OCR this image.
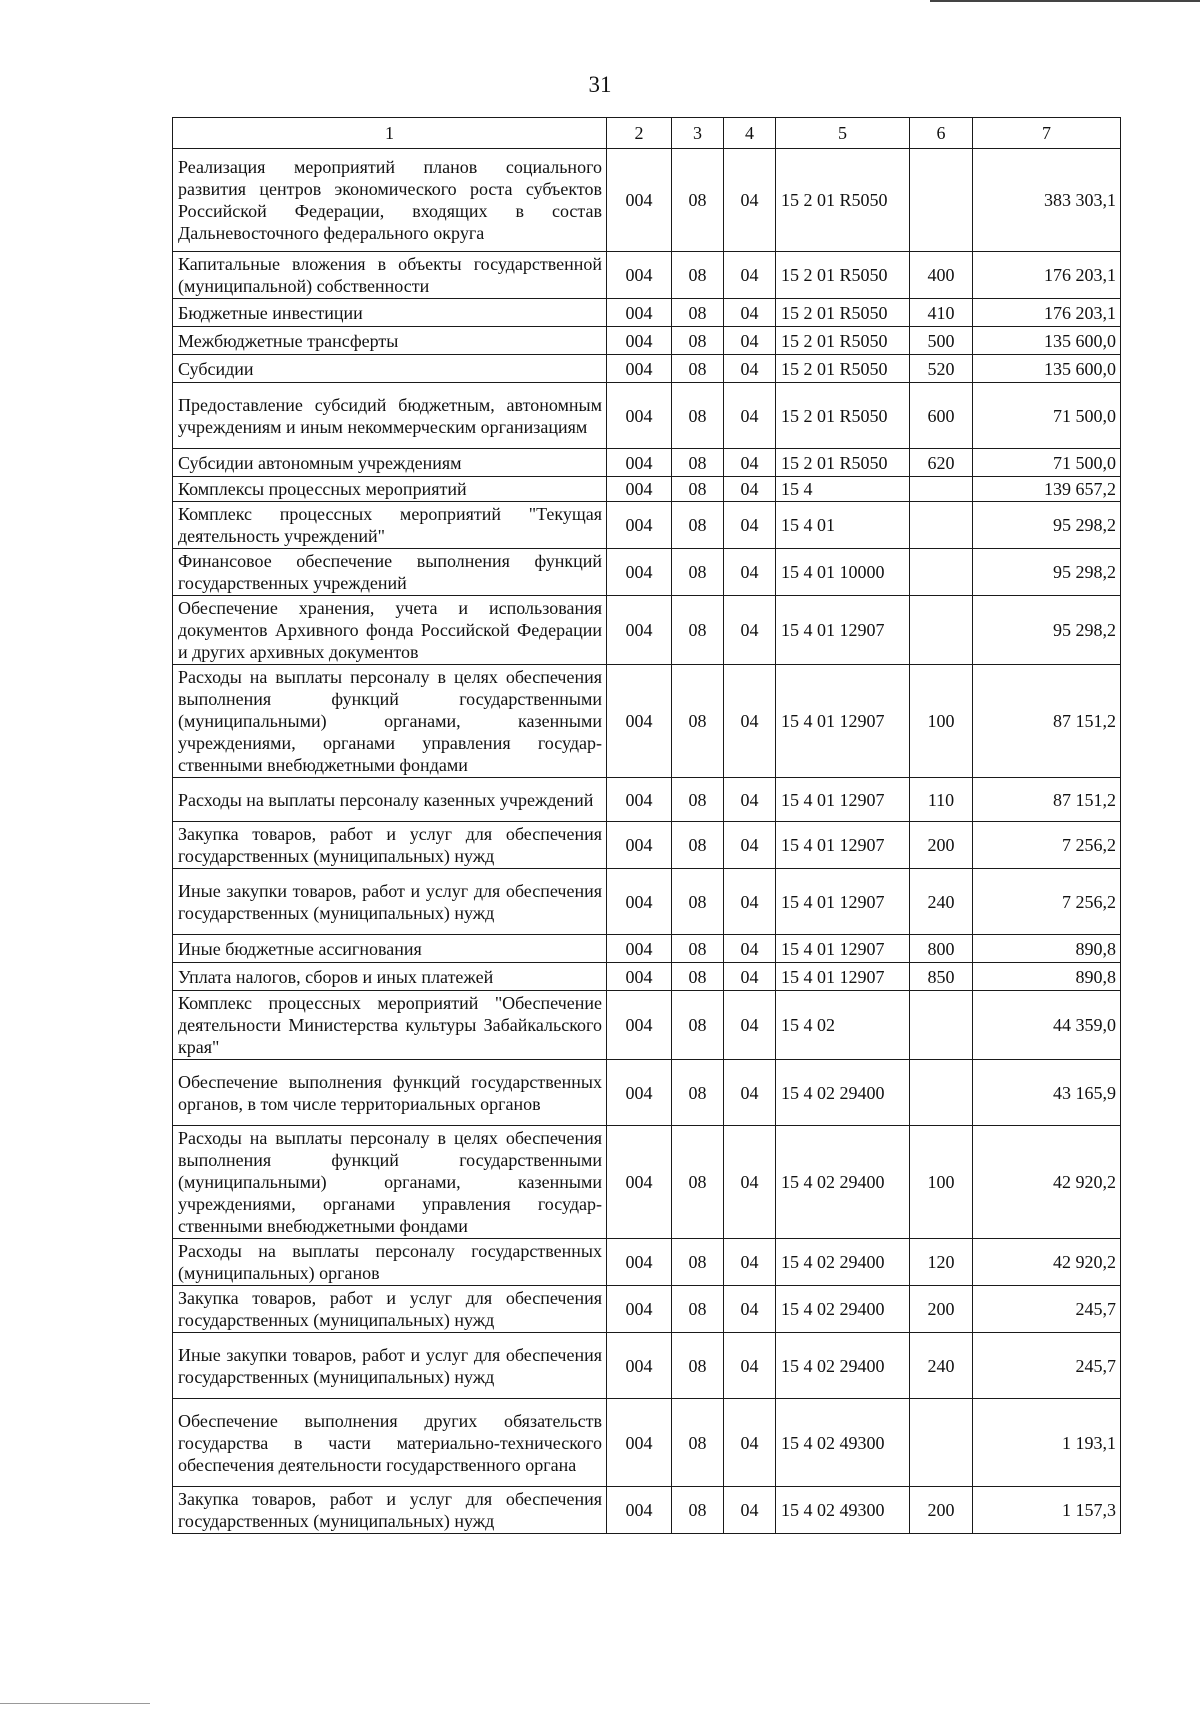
31
1	2	3	4	5	6	7
Реализация мероприятий планов социального развития центров экономического роста субъектов Российской Федерации, входящих в состав Дальневосточного федерального округа	004	08	04	15 2 01 R5050		383 303,1
Капитальные вложения в объекты государственной (муниципальной) собственности	004	08	04	15 2 01 R5050	400	176 203,1
Бюджетные инвестиции	004	08	04	15 2 01 R5050	410	176 203,1
Межбюджетные трансферты	004	08	04	15 2 01 R5050	500	135 600,0
Субсидии	004	08	04	15 2 01 R5050	520	135 600,0
Предоставление субсидий бюджетным, автономным учреждениям и иным некоммерческим организациям	004	08	04	15 2 01 R5050	600	71 500,0
Субсидии автономным учреждениям	004	08	04	15 2 01 R5050	620	71 500,0
Комплексы процессных мероприятий	004	08	04	15 4		139 657,2
Комплекс процессных мероприятий "Текущая деятельность учреждений"	004	08	04	15 4 01		95 298,2
Финансовое обеспечение выполнения функций государственных учреждений	004	08	04	15 4 01 10000		95 298,2
Обеспечение хранения, учета и использования документов Архивного фонда Российской Федерации и других архивных документов	004	08	04	15 4 01 12907		95 298,2
Расходы на выплаты персоналу в целях обеспечения выполнения функций государственными (муниципальными) органами, казенными учреждениями, органами управления государственными внебюджетными фондами	004	08	04	15 4 01 12907	100	87 151,2
Расходы на выплаты персоналу казенных учреждений	004	08	04	15 4 01 12907	110	87 151,2
Закупка товаров, работ и услуг для обеспечения государственных (муниципальных) нужд	004	08	04	15 4 01 12907	200	7 256,2
Иные закупки товаров, работ и услуг для обеспечения государственных (муниципальных) нужд	004	08	04	15 4 01 12907	240	7 256,2
Иные бюджетные ассигнования	004	08	04	15 4 01 12907	800	890,8
Уплата налогов, сборов и иных платежей	004	08	04	15 4 01 12907	850	890,8
Комплекс процессных мероприятий "Обеспечение деятельности Министерства культуры Забайкальского края"	004	08	04	15 4 02		44 359,0
Обеспечение выполнения функций государственных органов, в том числе территориальных органов	004	08	04	15 4 02 29400		43 165,9
Расходы на выплаты персоналу в целях обеспечения выполнения функций государственными (муниципальными) органами, казенными учреждениями, органами управления государственными внебюджетными фондами	004	08	04	15 4 02 29400	100	42 920,2
Расходы на выплаты персоналу государственных (муниципальных) органов	004	08	04	15 4 02 29400	120	42 920,2
Закупка товаров, работ и услуг для обеспечения государственных (муниципальных) нужд	004	08	04	15 4 02 29400	200	245,7
Иные закупки товаров, работ и услуг для обеспечения государственных (муниципальных) нужд	004	08	04	15 4 02 29400	240	245,7
Обеспечение выполнения других обязательств государства в части материально-технического обеспечения деятельности государственного органа	004	08	04	15 4 02 49300		1 193,1
Закупка товаров, работ и услуг для обеспечения государственных (муниципальных) нужд	004	08	04	15 4 02 49300	200	1 157,3
